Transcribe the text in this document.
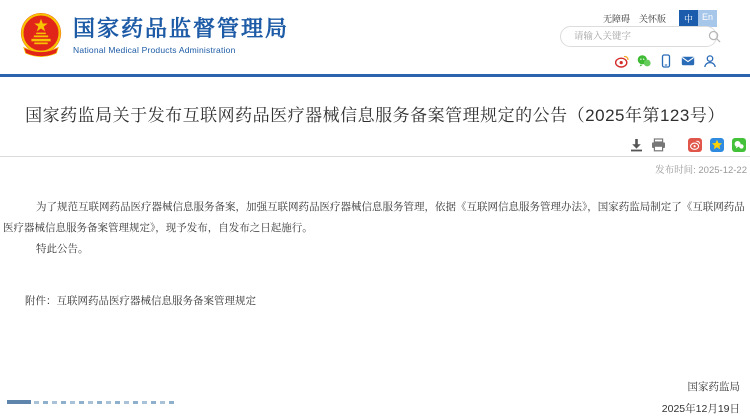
国家药品监督管理局
National Medical Products Administration
无障碍 关怀版	中	En
请输入关键字
国家药监局关于发布互联网药品医疗器械信息服务备案管理规定的公告（2025年第123号）
发布时间: 2025-12-22

为了规范互联网药品医疗器械信息服务备案，加强互联网药品医疗器械信息服务管理，依据《互联网信息服务管理办法》，国家药监局制定了《互联网药品医疗器械信息服务备案管理规定》，现予发布，自发布之日起施行。

特此公告。

附件：互联网药品医疗器械信息服务备案管理规定
国家药监局
2025年12月19日
